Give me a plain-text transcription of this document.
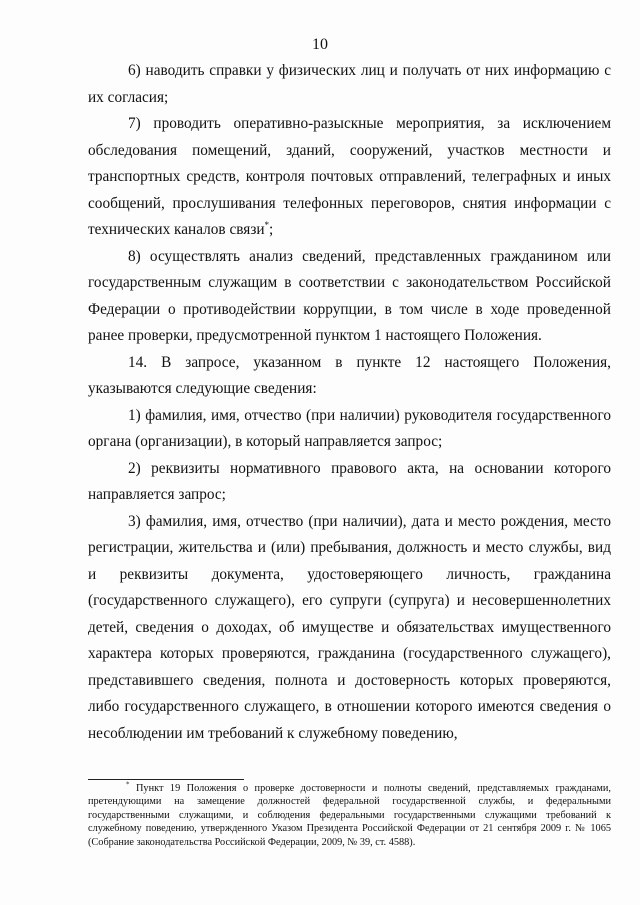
10

6) наводить справки у физических лиц и получать от них информацию с их согласия;

7) проводить оперативно-разыскные мероприятия, за исключением обследования помещений, зданий, сооружений, участков местности и транспортных средств, контроля почтовых отправлений, телеграфных и иных сообщений, прослушивания телефонных переговоров, снятия информации с технических каналов связи*;

8) осуществлять анализ сведений, представленных гражданином или государственным служащим в соответствии с законодательством Российской Федерации о противодействии коррупции, в том числе в ходе проведенной ранее проверки, предусмотренной пунктом 1 настоящего Положения.

14. В запросе, указанном в пункте 12 настоящего Положения, указываются следующие сведения:

1) фамилия, имя, отчество (при наличии) руководителя государственного органа (организации), в который направляется запрос;

2) реквизиты нормативного правового акта, на основании которого направляется запрос;

3) фамилия, имя, отчество (при наличии), дата и место рождения, место регистрации, жительства и (или) пребывания, должность и место службы, вид и реквизиты документа, удостоверяющего личность, гражданина (государственного служащего), его супруги (супруга) и несовершеннолетних детей, сведения о доходах, об имуществе и обязательствах имущественного характера которых проверяются, гражданина (государственного служащего), представившего сведения, полнота и достоверность которых проверяются, либо государственного служащего, в отношении которого имеются сведения о несоблюдении им требований к служебному поведению,

* Пункт 19 Положения о проверке достоверности и полноты сведений, представляемых гражданами, претендующими на замещение должностей федеральной государственной службы, и федеральными государственными служащими, и соблюдения федеральными государственными служащими требований к служебному поведению, утвержденного Указом Президента Российской Федерации от 21 сентября 2009 г. № 1065 (Собрание законодательства Российской Федерации, 2009, № 39, ст. 4588).
